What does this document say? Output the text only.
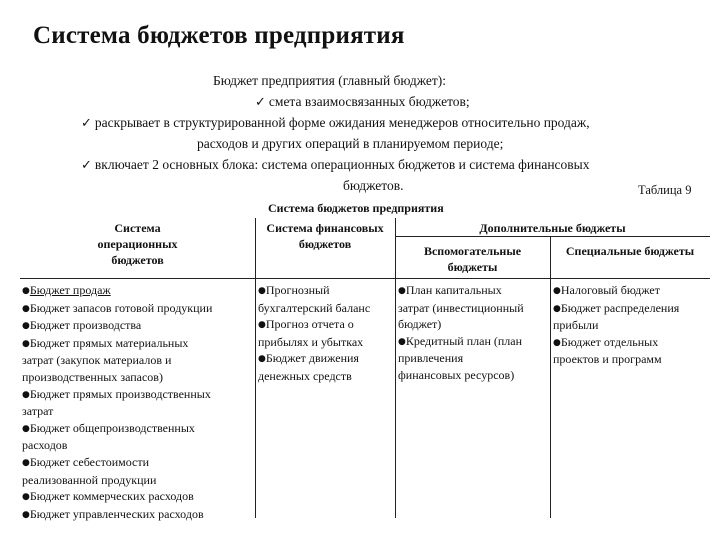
Система бюджетов предприятия
Бюджет предприятия (главный бюджет):
✓ смета взаимосвязанных бюджетов;
✓ раскрывает в структурированной форме ожидания менеджеров относительно продаж,
расходов и других операций в планируемом периоде;
✓ включает 2 основных блока: система операционных бюджетов и система финансовых
бюджетов.	Таблица 9
Система бюджетов предприятия
Система
операционных
бюджетов
Система финансовых
бюджетов
Дополнительные бюджеты
Вспомогательные
бюджеты
Специальные бюджеты
●Бюджет продаж
●Бюджет запасов готовой продукции
●Бюджет производства
●Бюджет прямых материальных
затрат (закупок материалов и
производственных запасов)
●Бюджет прямых производственных
затрат
●Бюджет общепроизводственных
расходов
●Бюджет себестоимости
реализованной продукции
●Бюджет коммерческих расходов
●Бюджет управленческих расходов
●Прогнозный
бухгалтерский баланс
●Прогноз отчета о
прибылях и убытках
●Бюджет движения
денежных средств
●План капитальных
затрат (инвестиционный
бюджет)
●Кредитный план (план
привлечения
финансовых ресурсов)
●Налоговый бюджет
●Бюджет распределения
прибыли
●Бюджет отдельных
проектов и программ
